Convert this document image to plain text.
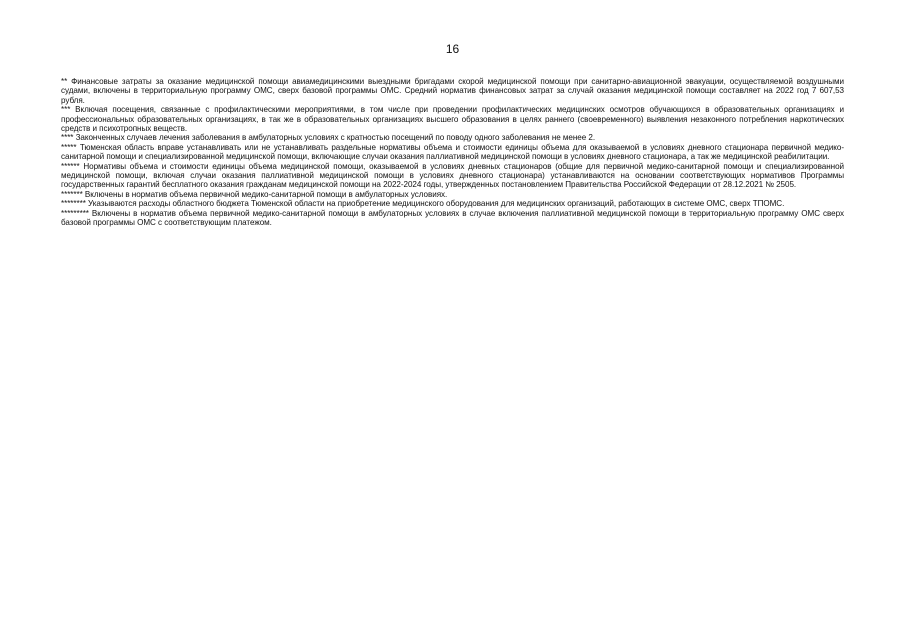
16

** Финансовые затраты за оказание медицинской помощи авиамедицинскими выездными бригадами скорой медицинской помощи при санитарно-авиационной эвакуации, осуществляемой воздушными судами, включены в территориальную программу ОМС, сверх базовой программы ОМС. Средний норматив финансовых затрат за случай оказания медицинской помощи составляет на 2022 год 7 607,53 рубля.

*** Включая посещения, связанные с профилактическими мероприятиями, в том числе при проведении профилактических медицинских осмотров обучающихся в образовательных организациях и профессиональных образовательных организациях, в так же в образовательных организациях высшего образования в целях раннего (своевременного) выявления незаконного потребления наркотических средств и психотропных веществ.

**** Законченных случаев лечения заболевания в амбулаторных условиях с кратностью посещений по поводу одного заболевания не менее 2.

***** Тюменская область вправе устанавливать или не устанавливать раздельные нормативы объема и стоимости единицы объема для оказываемой в условиях дневного стационара первичной медико-санитарной помощи и специализированной медицинской помощи, включающие случаи оказания паллиативной медицинской помощи в условиях дневного стационара, а так же медицинской реабилитации.

****** Нормативы объема и стоимости единицы объема медицинской помощи, оказываемой в условиях дневных стационаров (общие для первичной медико-санитарной помощи и специализированной медицинской помощи, включая случаи оказания паллиативной медицинской помощи в условиях дневного стационара) устанавливаются на основании соответствующих нормативов Программы государственных гарантий бесплатного оказания гражданам медицинской помощи на 2022-2024 годы, утвержденных постановлением Правительства Российской Федерации от 28.12.2021 № 2505.

******* Включены в норматив объема первичной медико-санитарной помощи в амбулаторных условиях.

******** Указываются расходы областного бюджета Тюменской области на приобретение медицинского оборудования для медицинских организаций, работающих в системе ОМС, сверх ТПОМС.

********* Включены в норматив объема первичной медико-санитарной помощи в амбулаторных условиях в случае включения паллиативной медицинской помощи в территориальную программу ОМС сверх базовой программы ОМС с соответствующим платежом.
